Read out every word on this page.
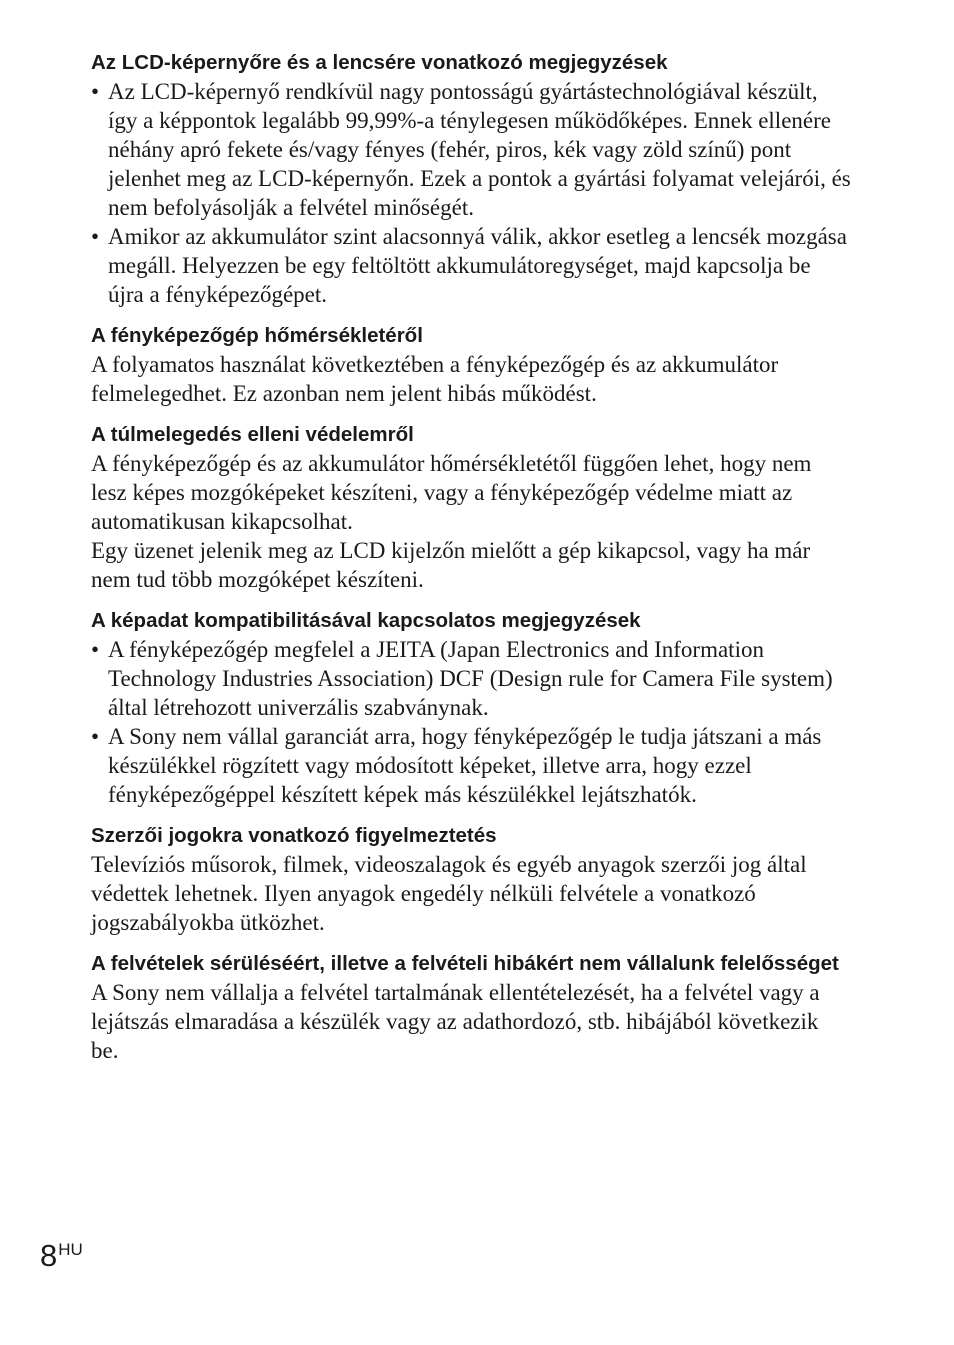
Az LCD-képernyőre és a lencsére vonatkozó megjegyzések
• Az LCD-képernyő rendkívül nagy pontosságú gyártástechnológiával készült, így a képpontok legalább 99,99%-a ténylegesen működőképes. Ennek ellenére néhány apró fekete és/vagy fényes (fehér, piros, kék vagy zöld színű) pont jelenhet meg az LCD-képernyőn. Ezek a pontok a gyártási folyamat velejárói, és nem befolyásolják a felvétel minőségét.
• Amikor az akkumulátor szint alacsonnyá válik, akkor esetleg a lencsék mozgása megáll. Helyezzen be egy feltöltött akkumulátoregységet, majd kapcsolja be újra a fényképezőgépet.
A fényképezőgép hőmérsékletéről

A folyamatos használat következtében a fényképezőgép és az akkumulátor felmelegedhet. Ez azonban nem jelent hibás működést.

A túlmelegedés elleni védelemről

A fényképezőgép és az akkumulátor hőmérsékletétől függően lehet, hogy nem lesz képes mozgóképeket készíteni, vagy a fényképezőgép védelme miatt az automatikusan kikapcsolhat.

Egy üzenet jelenik meg az LCD kijelzőn mielőtt a gép kikapcsol, vagy ha már nem tud több mozgóképet készíteni.

A képadat kompatibilitásával kapcsolatos megjegyzések
• A fényképezőgép megfelel a JEITA (Japan Electronics and Information Technology Industries Association) DCF (Design rule for Camera File system) által létrehozott univerzális szabványnak.
• A Sony nem vállal garanciát arra, hogy fényképezőgép le tudja játszani a más készülékkel rögzített vagy módosított képeket, illetve arra, hogy ezzel fényképezőgéppel készített képek más készülékkel lejátszhatók.
Szerzői jogokra vonatkozó figyelmeztetés

Televíziós műsorok, filmek, videoszalagok és egyéb anyagok szerzői jog által védettek lehetnek. Ilyen anyagok engedély nélküli felvétele a vonatkozó jogszabályokba ütközhet.

A felvételek sérüléséért, illetve a felvételi hibákért nem vállalunk felelősséget

A Sony nem vállalja a felvétel tartalmának ellentételezését, ha a felvétel vagy a lejátszás elmaradása a készülék vagy az adathordozó, stb. hibájából következik be.

$8^{HU}$
